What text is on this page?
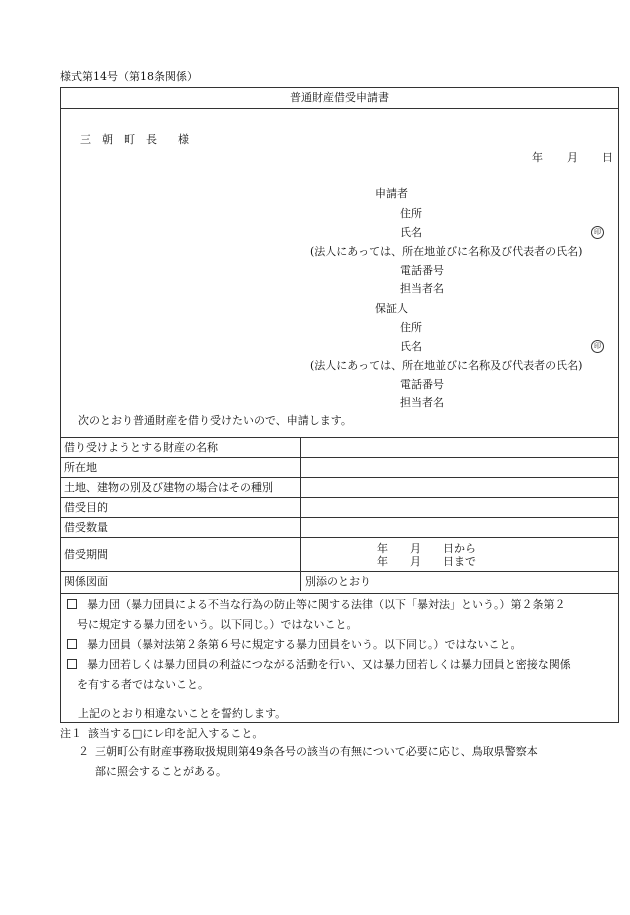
様式第14号（第18条関係）
普通財産借受申請書
三朝町長 様
年 月 日
申請者
住所
氏名	印
(法人にあっては、所在地並びに名称及び代表者の氏名)
電話番号
担当者名
保証人
住所
氏名	印
(法人にあっては、所在地並びに名称及び代表者の氏名)
電話番号
担当者名
次のとおり普通財産を借り受けたいので、申請します。
借り受けようとする財産の名称	
所在地	
土地、建物の別及び建物の場合はその種別	
借受目的	
借受数量	
借受期間	年　　月　　日から
年　　月　　日まで

関係図面	別添のとおり
暴力団（暴力団員による不当な行為の防止等に関する法律（以下「暴対法」という。）第２条第２
号に規定する暴力団をいう。以下同じ。）ではないこと。
暴力団員（暴対法第２条第６号に規定する暴力団員をいう。以下同じ。）ではないこと。
暴力団若しくは暴力団員の利益につながる活動を行い、又は暴力団若しくは暴力団員と密接な関係
を有する者ではないこと。
上記のとおり相違ないことを誓約します。
注１ 該当する□にレ印を記入すること。
２ 三朝町公有財産事務取扱規則第49条各号の該当の有無について必要に応じ、鳥取県警察本
部に照会することがある。
